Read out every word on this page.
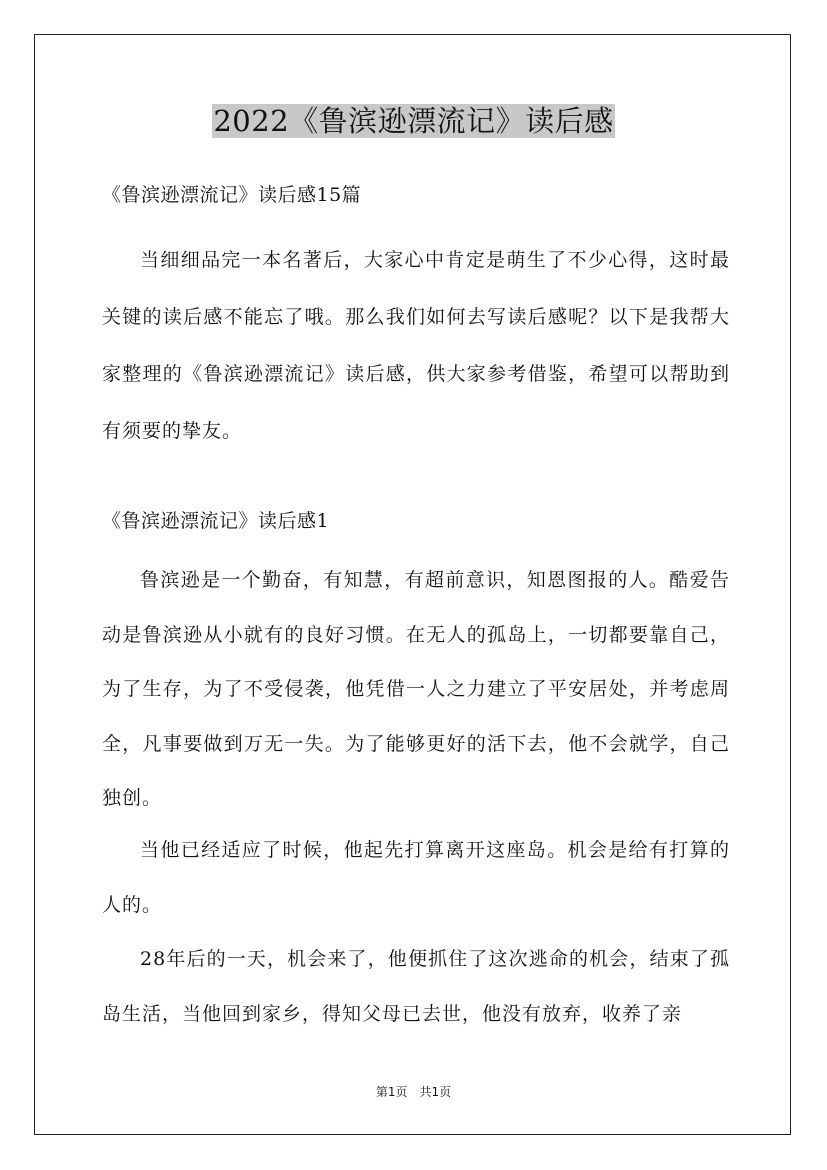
2022《鲁滨逊漂流记》读后感

《鲁滨逊漂流记》读后感15篇

当细细品完一本名著后，大家心中肯定是萌生了不少心得，这时最关键的读后感不能忘了哦。那么我们如何去写读后感呢？以下是我帮大家整理的《鲁滨逊漂流记》读后感，供大家参考借鉴，希望可以帮助到有须要的挚友。

《鲁滨逊漂流记》读后感1

鲁滨逊是一个勤奋，有知慧，有超前意识，知恩图报的人。酷爱告动是鲁滨逊从小就有的良好习惯。在无人的孤岛上，一切都要靠自己，为了生存，为了不受侵袭，他凭借一人之力建立了平安居处，并考虑周全，凡事要做到万无一失。为了能够更好的活下去，他不会就学，自己独创。

当他已经适应了时候，他起先打算离开这座岛。机会是给有打算的人的。

28年后的一天，机会来了，他便抓住了这次逃命的机会，结束了孤岛生活，当他回到家乡，得知父母已去世，他没有放弃，收养了亲

第1页　共1页
